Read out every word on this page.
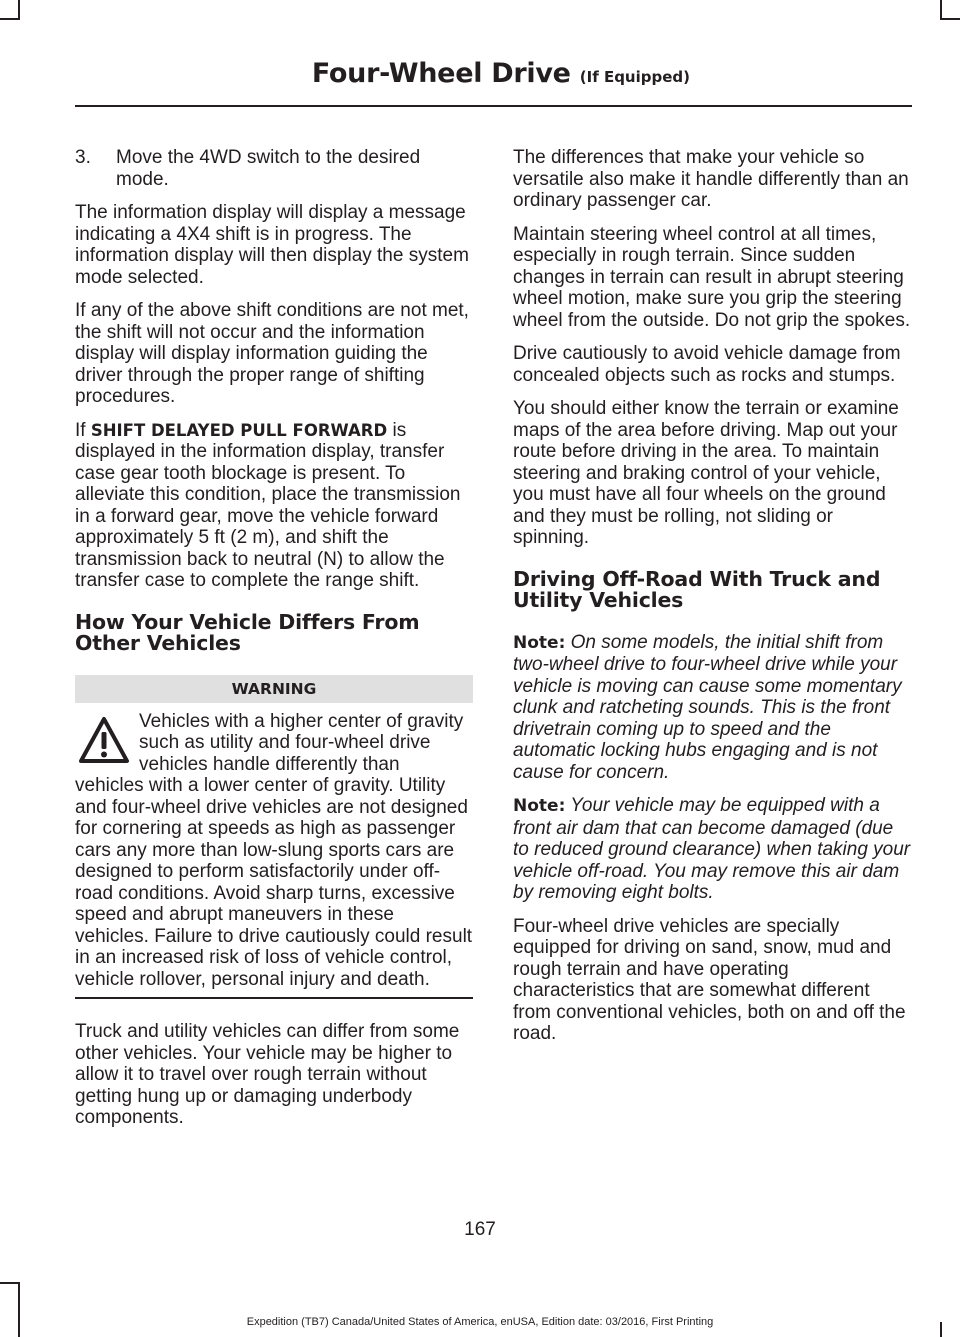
Four-Wheel Drive (If Equipped)
3. Move the 4WD switch to the desired mode.

The information display will display a message indicating a 4X4 shift is in progress. The information display will then display the system mode selected.

If any of the above shift conditions are not met, the shift will not occur and the information display will display information guiding the driver through the proper range of shifting procedures.

If SHIFT DELAYED PULL FORWARD is displayed in the information display, transfer case gear tooth blockage is present. To alleviate this condition, place the transmission in a forward gear, move the vehicle forward approximately 5 ft (2 m), and shift the transmission back to neutral (N) to allow the transfer case to complete the range shift.

How Your Vehicle Differs From Other Vehicles
WARNING
Vehicles with a higher center of gravity such as utility and four-wheel drive vehicles handle differently than vehicles with a lower center of gravity. Utility and four-wheel drive vehicles are not designed for cornering at speeds as high as passenger cars any more than low-slung sports cars are designed to perform satisfactorily under off-road conditions. Avoid sharp turns, excessive speed and abrupt maneuvers in these vehicles. Failure to drive cautiously could result in an increased risk of loss of vehicle control, vehicle rollover, personal injury and death.

Truck and utility vehicles can differ from some other vehicles. Your vehicle may be higher to allow it to travel over rough terrain without getting hung up or damaging underbody components.

The differences that make your vehicle so versatile also make it handle differently than an ordinary passenger car.

Maintain steering wheel control at all times, especially in rough terrain. Since sudden changes in terrain can result in abrupt steering wheel motion, make sure you grip the steering wheel from the outside. Do not grip the spokes.

Drive cautiously to avoid vehicle damage from concealed objects such as rocks and stumps.

You should either know the terrain or examine maps of the area before driving. Map out your route before driving in the area. To maintain steering and braking control of your vehicle, you must have all four wheels on the ground and they must be rolling, not sliding or spinning.

Driving Off-Road With Truck and Utility Vehicles

Note: On some models, the initial shift from two-wheel drive to four-wheel drive while your vehicle is moving can cause some momentary clunk and ratcheting sounds. This is the front drivetrain coming up to speed and the automatic locking hubs engaging and is not cause for concern.

Note: Your vehicle may be equipped with a front air dam that can become damaged (due to reduced ground clearance) when taking your vehicle off-road. You may remove this air dam by removing eight bolts.

Four-wheel drive vehicles are specially equipped for driving on sand, snow, mud and rough terrain and have operating characteristics that are somewhat different from conventional vehicles, both on and off the road.

167
Expedition (TB7) Canada/United States of America, enUSA, Edition date: 03/2016, First Printing
